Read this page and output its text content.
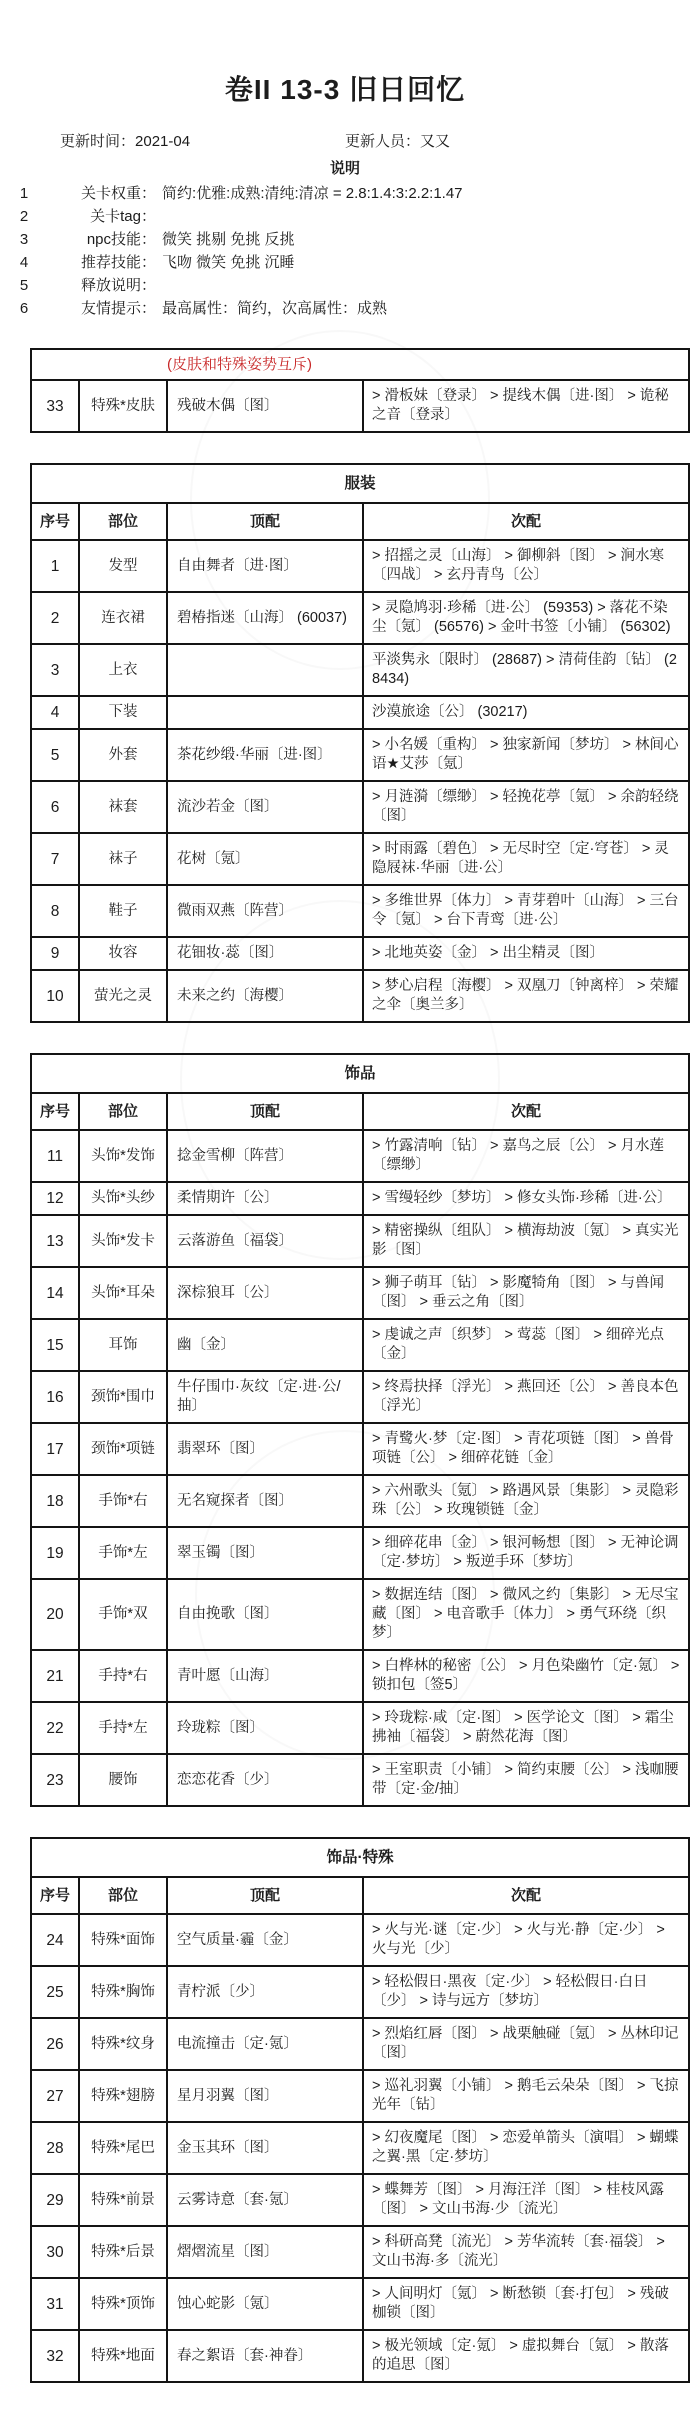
卷II 13-3 旧日回忆
更新时间：2021-04	更新人员：又又
说明
1	关卡权重： 简约:优雅:成熟:清纯:清凉 = 2.8:1.4:3:2.2:1.47
2	关卡tag：
3	npc技能： 微笑 挑剔 免挑 反挑
4	推荐技能： 飞吻 微笑 免挑 沉睡
5	释放说明：
6	友情提示： 最高属性：简约，次高属性：成熟
(皮肤和特殊姿势互斥)
33	特殊*皮肤	残破木偶〔图〕	> 滑板妹〔登录〕 > 提线木偶〔进·图〕 > 诡秘之音〔登录〕
服装			
序号	部位	顶配	次配
1	发型	自由舞者〔进·图〕	> 招摇之灵〔山海〕 > 御柳斜〔图〕 > 涧水寒〔四战〕 > 玄丹青鸟〔公〕
2	连衣裙	碧椿指迷〔山海〕 (60037)	> 灵隐鸠羽·珍稀〔进·公〕 (59353) > 落花不染尘〔氪〕 (56576) > 金叶书签〔小铺〕 (56302)
3	上衣		平淡隽永〔限时〕 (28687) > 清荷佳韵〔钻〕 (28434)
4	下装		沙漠旅途〔公〕 (30217)
5	外套	茶花纱缎·华丽〔进·图〕	> 小名媛〔重构〕 > 独家新闻〔梦坊〕 > 林间心语★艾莎〔氪〕
6	袜套	流沙若金〔图〕	> 月涟漪〔缥缈〕 > 轻挽花葶〔氪〕 > 余韵轻绕〔图〕
7	袜子	花树〔氪〕	> 时雨露〔碧色〕 > 无尽时空〔定·穹苍〕 > 灵隐屐袜·华丽〔进·公〕
8	鞋子	微雨双燕〔阵营〕	> 多维世界〔体力〕 > 青芽碧叶〔山海〕 > 三台令〔氪〕 > 台下青鸾〔进·公〕
9	妆容	花钿妆·蕊〔图〕	> 北地英姿〔金〕 > 出尘精灵〔图〕
10	萤光之灵	未来之约〔海樱〕	> 梦心启程〔海樱〕 > 双凰刀〔钟离梓〕 > 荣耀之伞〔奥兰多〕
饰品			
序号	部位	顶配	次配
11	头饰*发饰	捻金雪柳〔阵营〕	> 竹露清响〔钻〕 > 嘉鸟之辰〔公〕 > 月水莲〔缥缈〕
12	头饰*头纱	柔情期许〔公〕	> 雪缦轻纱〔梦坊〕 > 修女头饰·珍稀〔进·公〕
13	头饰*发卡	云落游鱼〔福袋〕	> 精密操纵〔组队〕 > 横海劫波〔氪〕 > 真实光影〔图〕
14	头饰*耳朵	深棕狼耳〔公〕	> 狮子萌耳〔钻〕 > 影魔犄角〔图〕 > 与兽闻〔图〕 > 垂云之角〔图〕
15	耳饰	幽〔金〕	> 虔诚之声〔织梦〕 > 莺蕊〔图〕 > 细碎光点〔金〕
16	颈饰*围巾	牛仔围巾·灰纹〔定·进·公/抽〕	> 终焉抉择〔浮光〕 > 燕回还〔公〕 > 善良本色〔浮光〕
17	颈饰*项链	翡翠环〔图〕	> 青鹭火·梦〔定·图〕 > 青花项链〔图〕 > 兽骨项链〔公〕 > 细碎花链〔金〕
18	手饰*右	无名窥探者〔图〕	> 六州歌头〔氪〕 > 路遇风景〔集影〕 > 灵隐彩珠〔公〕 > 玫瑰锁链〔金〕
19	手饰*左	翠玉镯〔图〕	> 细碎花串〔金〕 > 银河畅想〔图〕 > 无神论调〔定·梦坊〕 > 叛逆手环〔梦坊〕
20	手饰*双	自由挽歌〔图〕	> 数据连结〔图〕 > 微风之约〔集影〕 > 无尽宝藏〔图〕 > 电音歌手〔体力〕 > 勇气环绕〔织梦〕
21	手持*右	青叶愿〔山海〕	> 白桦林的秘密〔公〕 > 月色染幽竹〔定·氪〕 > 锁扣包〔签5〕
22	手持*左	玲珑粽〔图〕	> 玲珑粽·咸〔定·图〕 > 医学论文〔图〕 > 霜尘拂袖〔福袋〕 > 蔚然花海〔图〕
23	腰饰	恋恋花香〔少〕	> 王室职责〔小铺〕 > 简约束腰〔公〕 > 浅咖腰带〔定·金/抽〕
饰品·特殊			
序号	部位	顶配	次配
24	特殊*面饰	空气质量·霾〔金〕	> 火与光·谜〔定·少〕 > 火与光·静〔定·少〕 > 火与光〔少〕
25	特殊*胸饰	青柠派〔少〕	> 轻松假日·黑夜〔定·少〕 > 轻松假日·白日〔少〕 > 诗与远方〔梦坊〕
26	特殊*纹身	电流撞击〔定·氪〕	> 烈焰红唇〔图〕 > 战栗触碰〔氪〕 > 丛林印记〔图〕
27	特殊*翅膀	星月羽翼〔图〕	> 巡礼羽翼〔小铺〕 > 鹅毛云朵朵〔图〕 > 飞掠光年〔钻〕
28	特殊*尾巴	金玉其环〔图〕	> 幻夜魔尾〔图〕 > 恋爱单箭头〔演唱〕 > 蝴蝶之翼·黑〔定·梦坊〕
29	特殊*前景	云雾诗意〔套·氪〕	> 蝶舞芳〔图〕 > 月海汪洋〔图〕 > 桂枝风露〔图〕 > 文山书海·少〔流光〕
30	特殊*后景	熠熠流星〔图〕	> 科研高凳〔流光〕 > 芳华流转〔套·福袋〕 > 文山书海·多〔流光〕
31	特殊*顶饰	蚀心蛇影〔氪〕	> 人间明灯〔氪〕 > 断愁锁〔套·打包〕 > 残破枷锁〔图〕
32	特殊*地面	春之絮语〔套·神眷〕	> 极光领域〔定·氪〕 > 虚拟舞台〔氪〕 > 散落的追思〔图〕
